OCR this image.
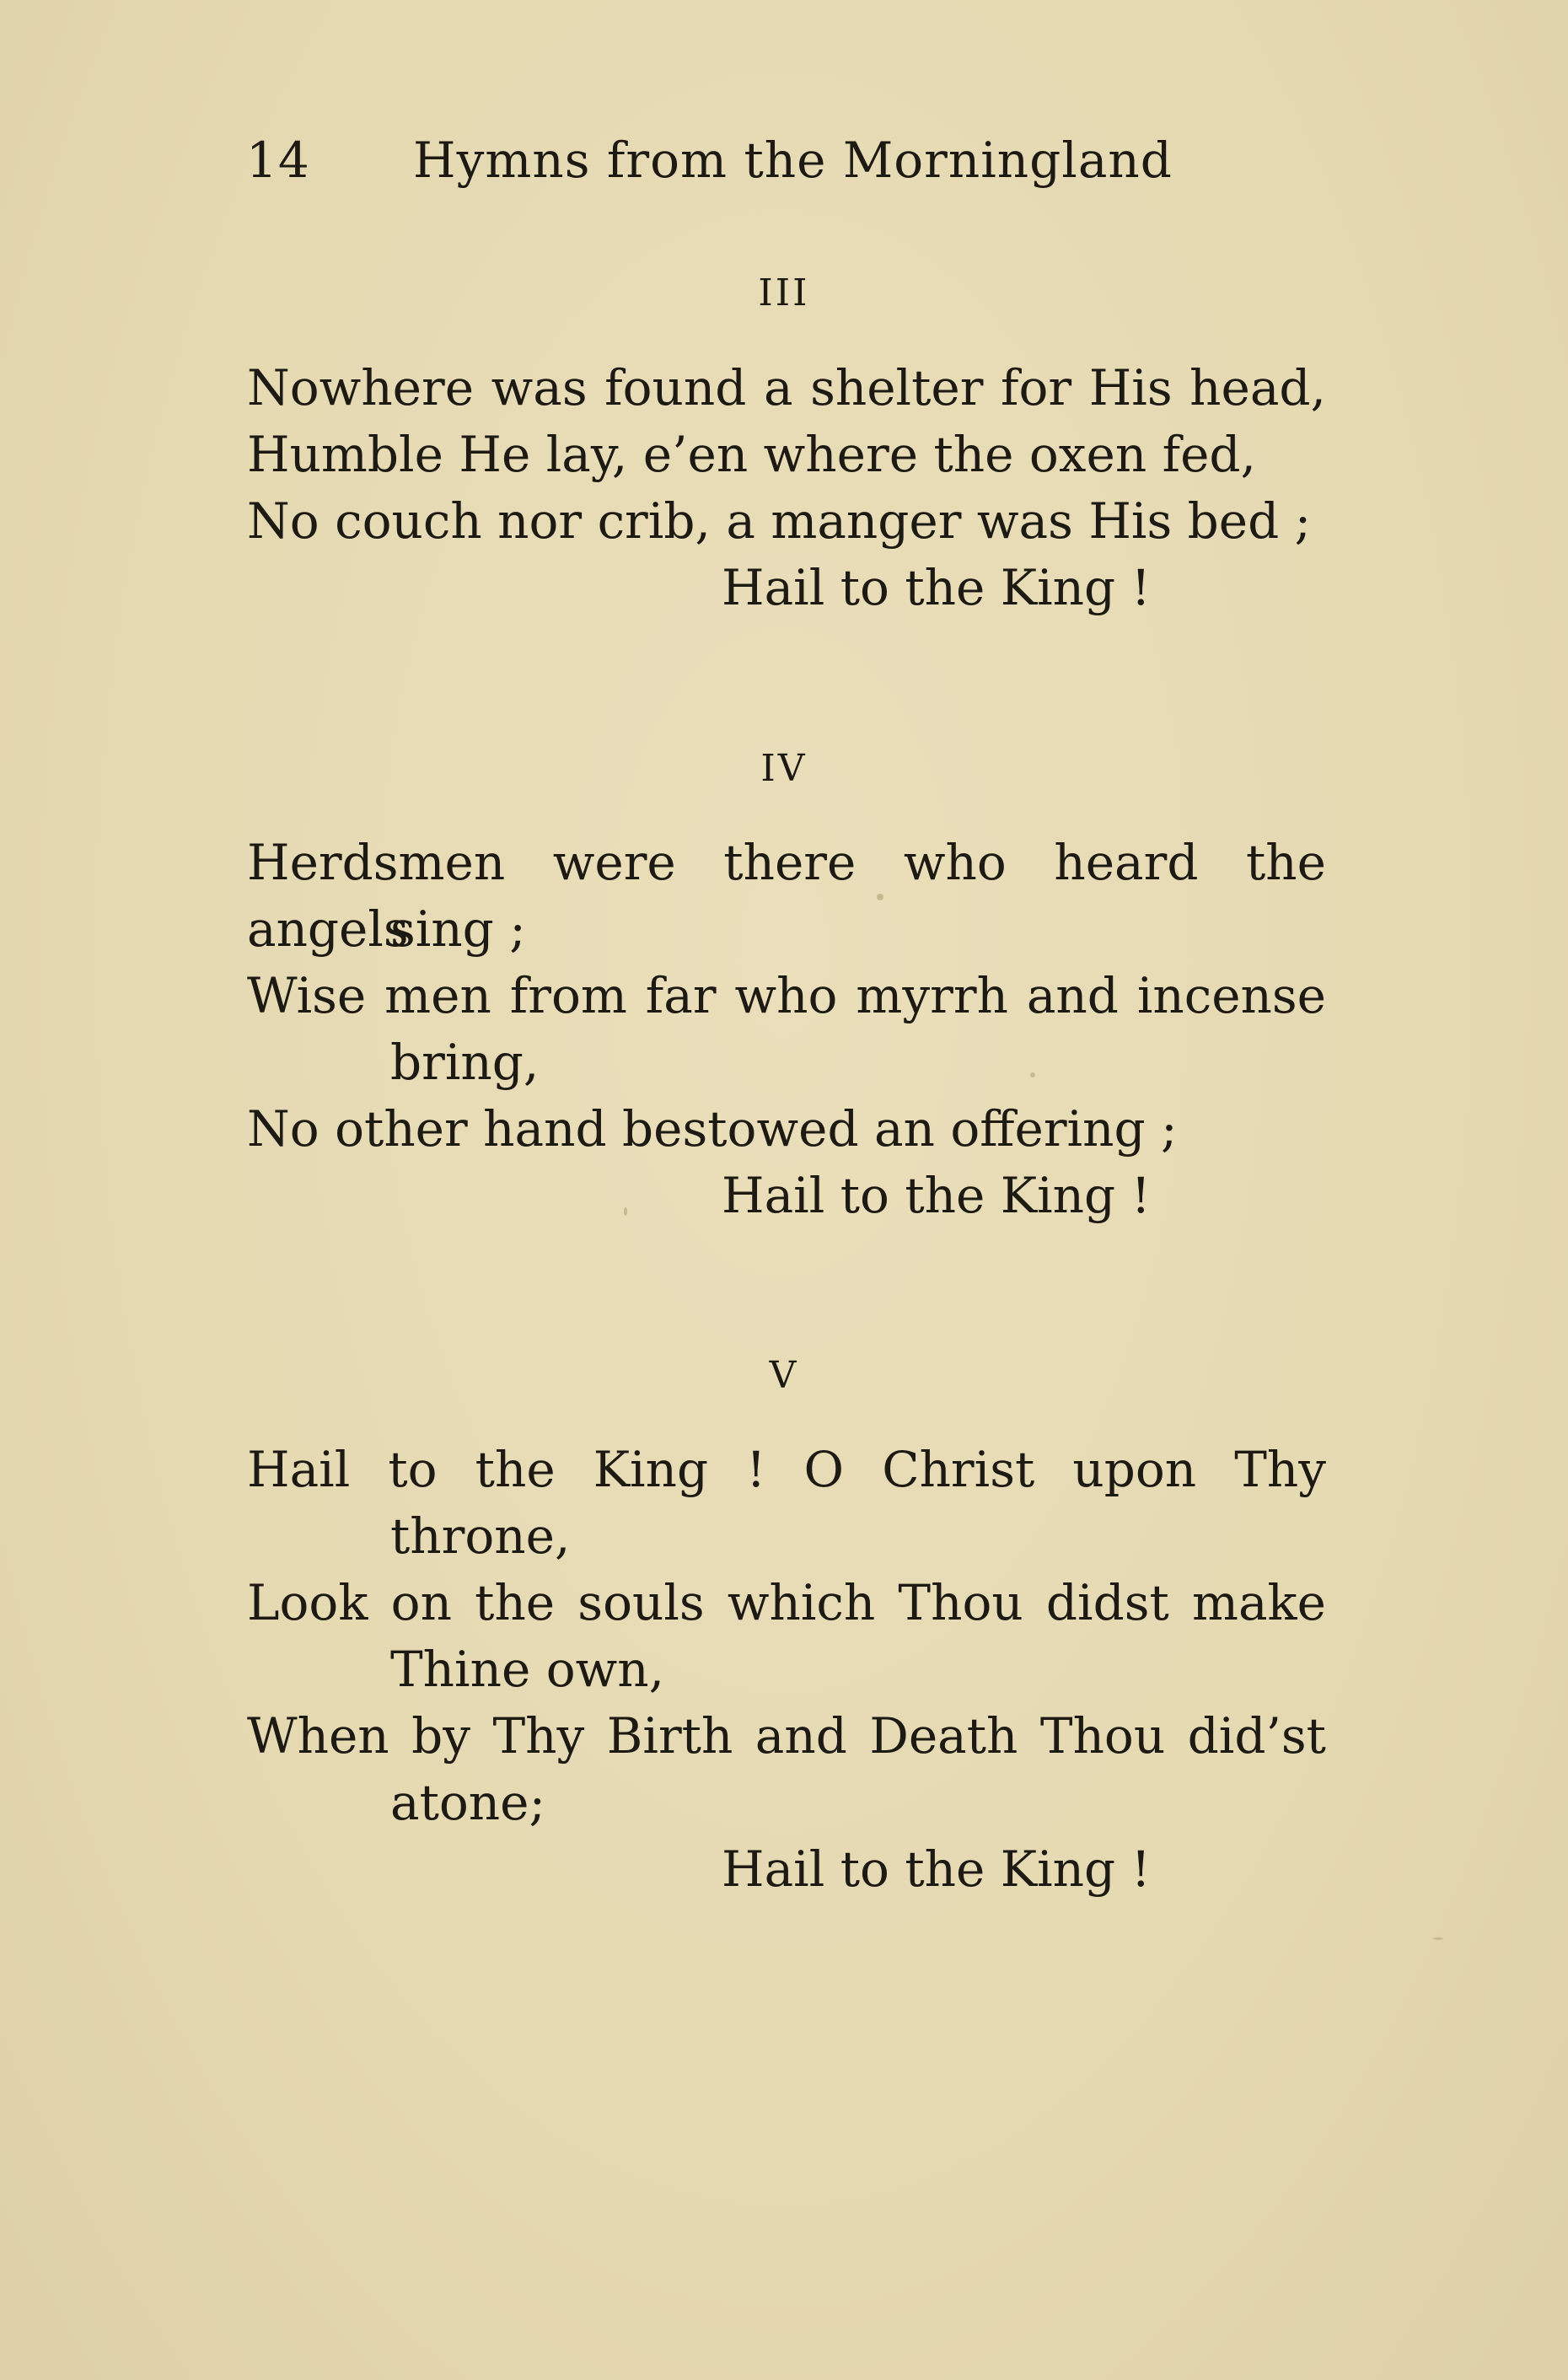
14 Hymns from the Morningland
III
Nowhere was found a shelter for His head,
Humble He lay, e’en where the oxen fed,
No couch nor crib, a manger was His bed ;
Hail to the King !
IV
Herdsmen were there who heard the angels
sing ;
Wise men from far who myrrh and incense
bring,
No other hand bestowed an offering ;
Hail to the King !
V
Hail to the King ! O Christ upon Thy
throne,
Look on the souls which Thou didst make
Thine own,
When by Thy Birth and Death Thou did’st
atone;
Hail to the King !
